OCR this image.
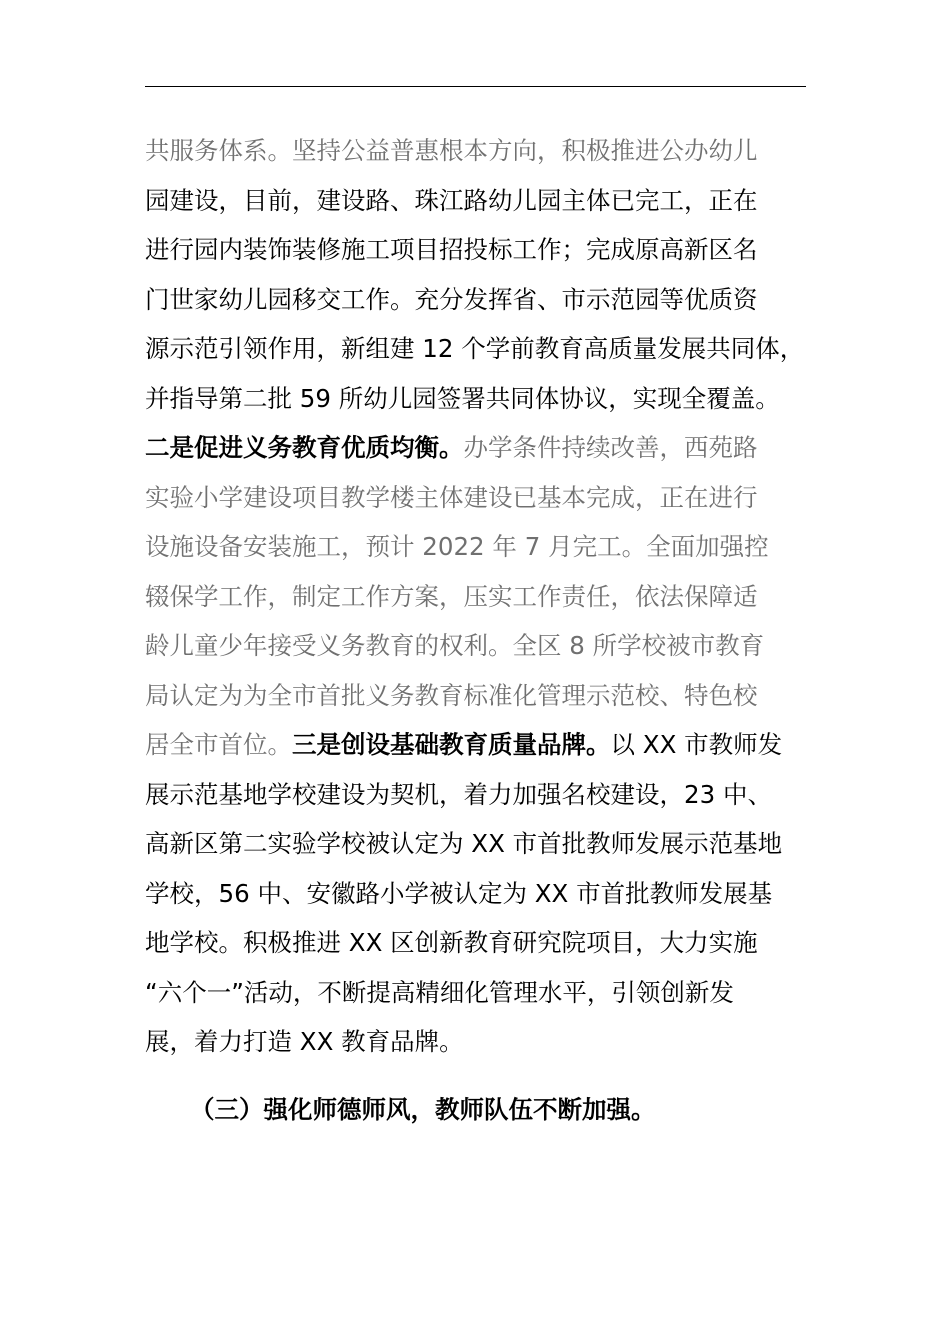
共服务体系。坚持公益普惠根本方向，积极推进公办幼儿
园建设，目前，建设路、珠江路幼儿园主体已完工，正在
进行园内装饰装修施工项目招投标工作；完成原高新区名
门世家幼儿园移交工作。充分发挥省、市示范园等优质资
源示范引领作用，新组建 12 个学前教育高质量发展共同体，
并指导第二批 59 所幼儿园签署共同体协议，实现全覆盖。
二是促进义务教育优质均衡。办学条件持续改善，西苑路
实验小学建设项目教学楼主体建设已基本完成，正在进行
设施设备安装施工，预计 2022 年 7 月完工。全面加强控
辍保学工作，制定工作方案，压实工作责任，依法保障适
龄儿童少年接受义务教育的权利。全区 8 所学校被市教育
局认定为为全市首批义务教育标准化管理示范校、特色校
居全市首位。三是创设基础教育质量品牌。以 XX 市教师发
展示范基地学校建设为契机，着力加强名校建设，23 中、
高新区第二实验学校被认定为 XX 市首批教师发展示范基地
学校，56 中、安徽路小学被认定为 XX 市首批教师发展基
地学校。积极推进 XX 区创新教育研究院项目，大力实施
“六个一”活动，不断提高精细化管理水平，引领创新发
展，着力打造 XX 教育品牌。
（三）强化师德师风，教师队伍不断加强。
